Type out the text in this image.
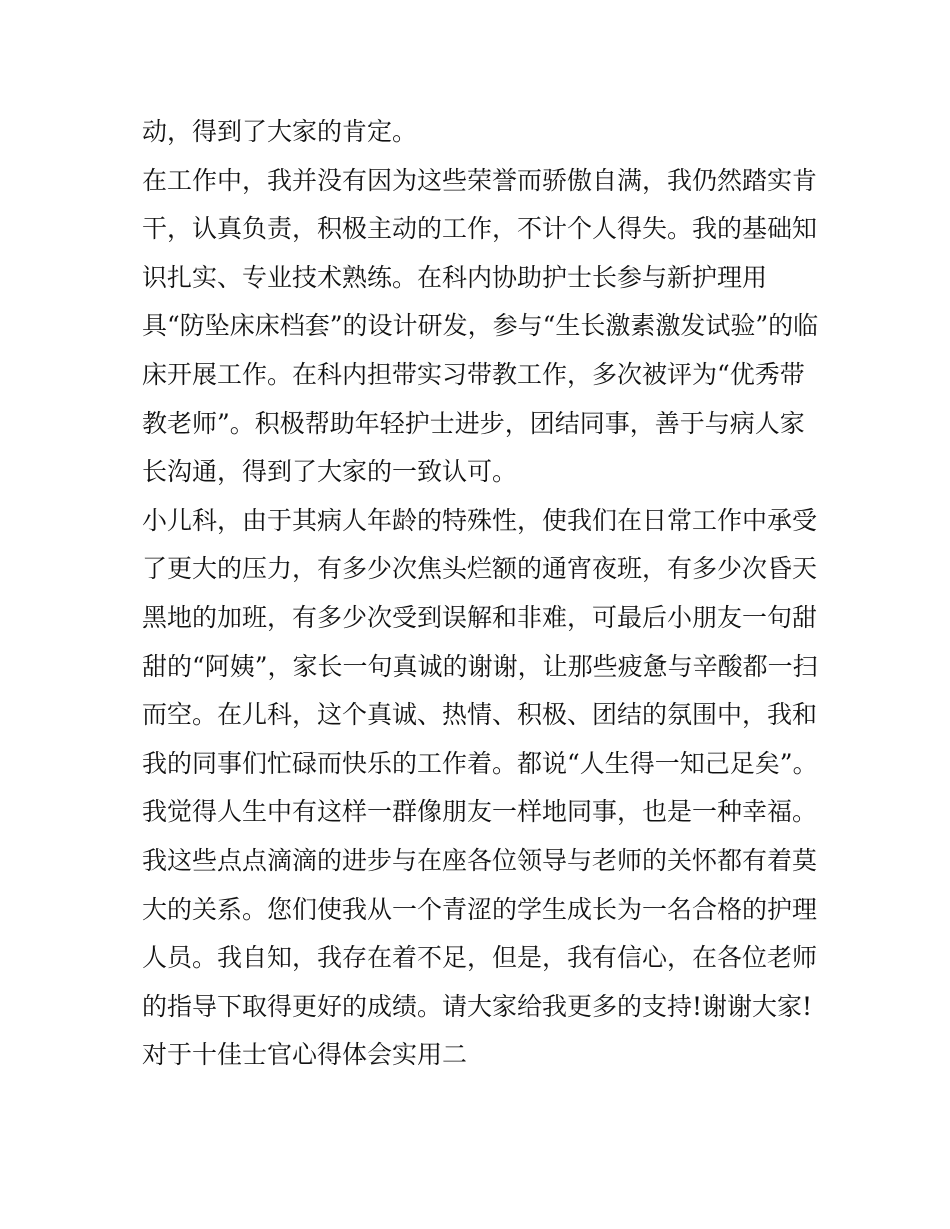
动，得到了大家的肯定。
在工作中，我并没有因为这些荣誉而骄傲自满，我仍然踏实肯
干，认真负责，积极主动的工作，不计个人得失。我的基础知
识扎实、专业技术熟练。在科内协助护士长参与新护理用
具“防坠床床档套”的设计研发，参与“生长激素激发试验”的临
床开展工作。在科内担带实习带教工作，多次被评为“优秀带
教老师”。积极帮助年轻护士进步，团结同事，善于与病人家
长沟通，得到了大家的一致认可。
小儿科，由于其病人年龄的特殊性，使我们在日常工作中承受
了更大的压力，有多少次焦头烂额的通宵夜班，有多少次昏天
黑地的加班，有多少次受到误解和非难，可最后小朋友一句甜
甜的“阿姨”，家长一句真诚的谢谢，让那些疲惫与辛酸都一扫
而空。在儿科，这个真诚、热情、积极、团结的氛围中，我和
我的同事们忙碌而快乐的工作着。都说“人生得一知己足矣”。
我觉得人生中有这样一群像朋友一样地同事，也是一种幸福。
我这些点点滴滴的进步与在座各位领导与老师的关怀都有着莫
大的关系。您们使我从一个青涩的学生成长为一名合格的护理
人员。我自知，我存在着不足，但是，我有信心，在各位老师
的指导下取得更好的成绩。请大家给我更多的支持!谢谢大家!
对于十佳士官心得体会实用二
